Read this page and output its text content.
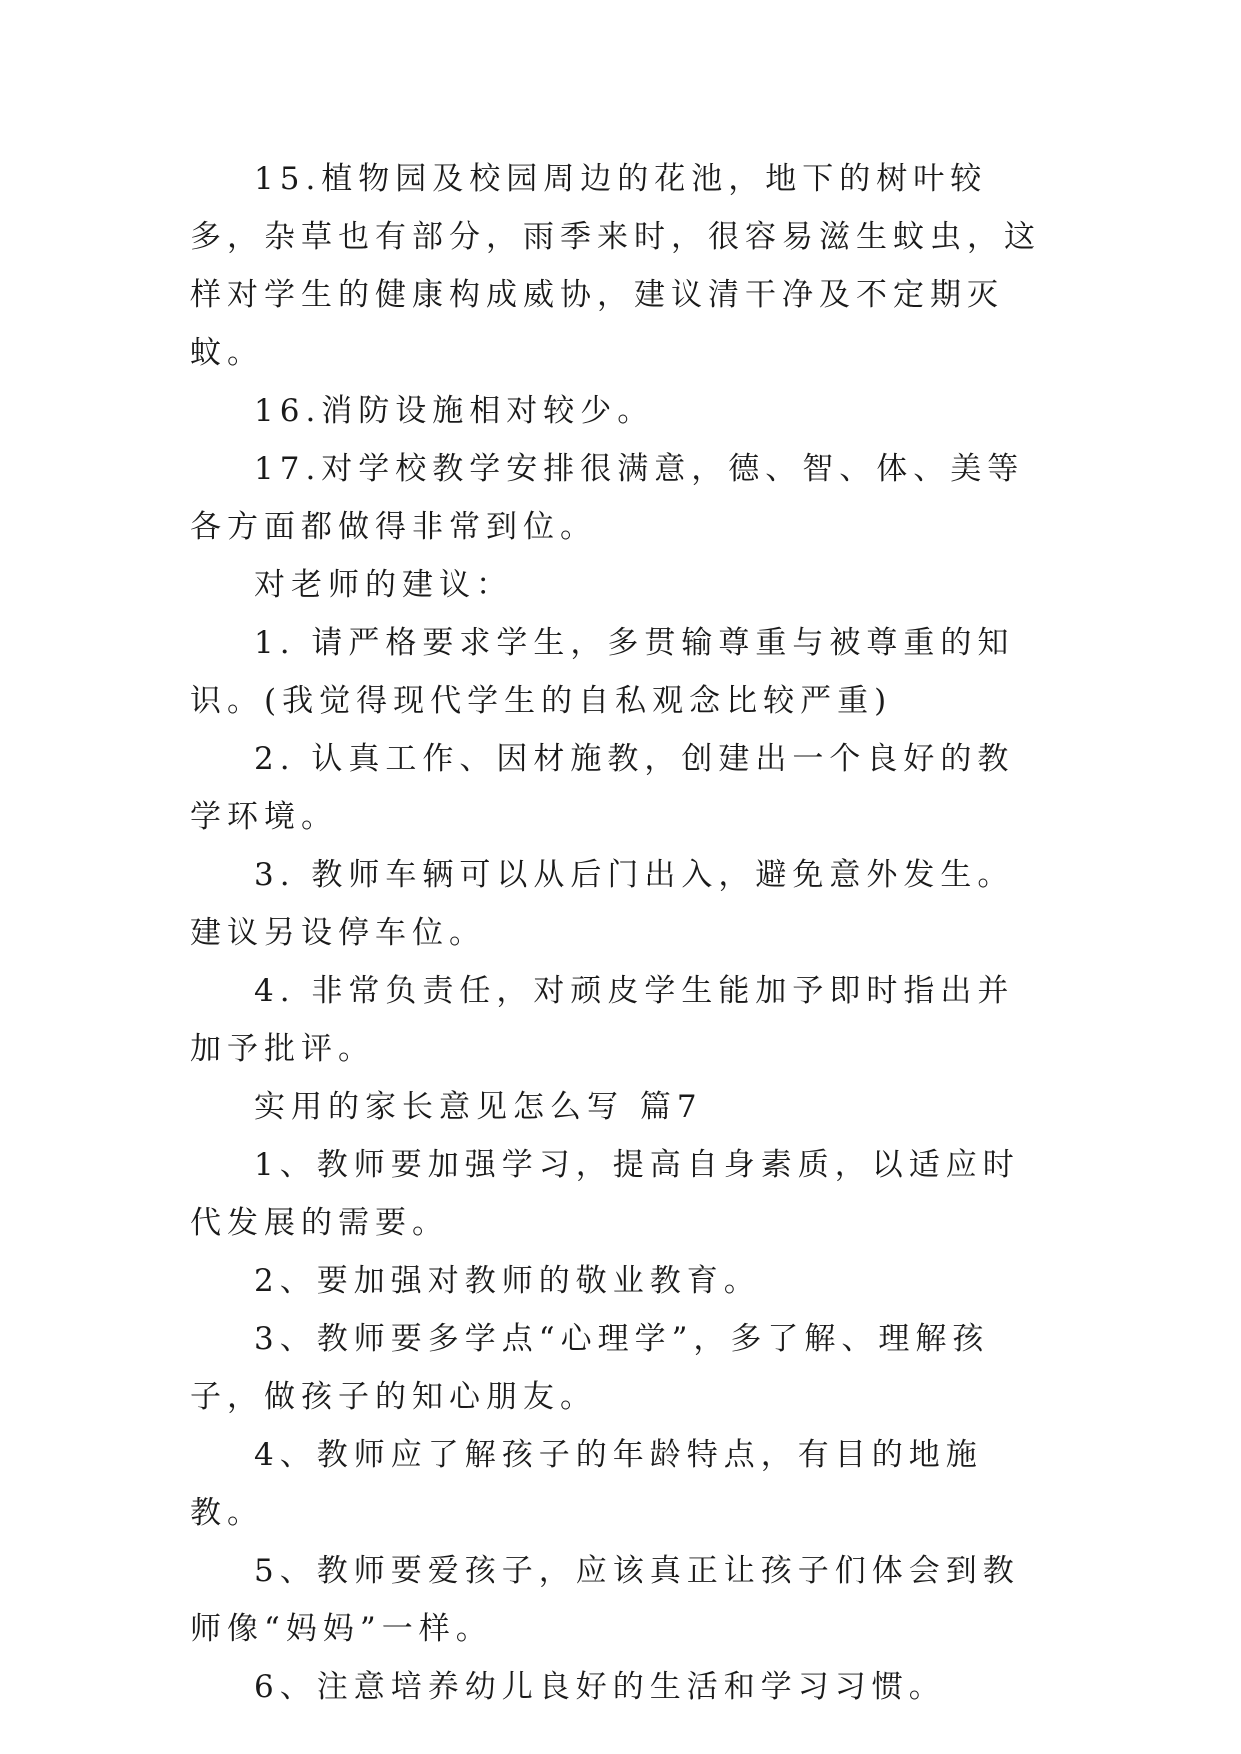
15.植物园及校园周边的花池，地下的树叶较多，杂草也有部分，雨季来时，很容易滋生蚊虫，这样对学生的健康构成威协，建议清干净及不定期灭蚊。

16.消防设施相对较少。

17.对学校教学安排很满意，德、智、体、美等各方面都做得非常到位。

对老师的建议：

1. 请严格要求学生，多贯输尊重与被尊重的知识。(我觉得现代学生的自私观念比较严重)

2. 认真工作、因材施教，创建出一个良好的教学环境。

3. 教师车辆可以从后门出入，避免意外发生。建议另设停车位。

4. 非常负责任，对顽皮学生能加予即时指出并加予批评。

实用的家长意见怎么写 篇7

1、教师要加强学习，提高自身素质，以适应时代发展的需要。

2、要加强对教师的敬业教育。

3、教师要多学点“心理学”，多了解、理解孩子，做孩子的知心朋友。

4、教师应了解孩子的年龄特点，有目的地施教。

5、教师要爱孩子，应该真正让孩子们体会到教师像“妈妈”一样。

6、注意培养幼儿良好的生活和学习习惯。
